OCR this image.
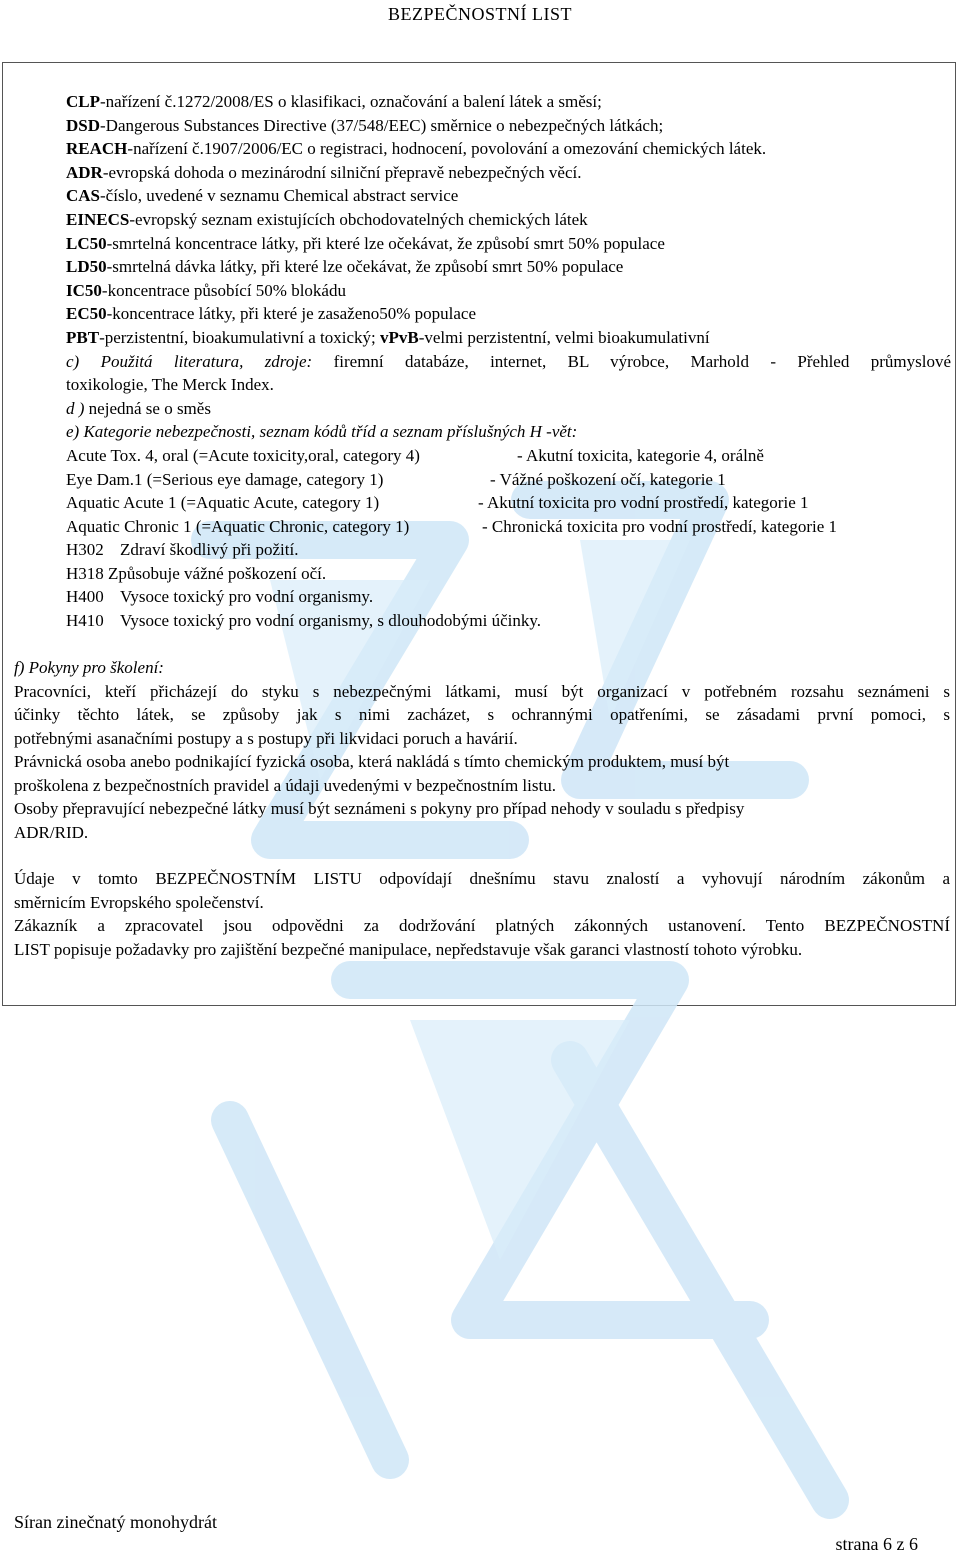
BEZPEČNOSTNÍ LIST
CLP-nařízení č.1272/2008/ES o klasifikaci, označování a balení látek a směsí;
DSD-Dangerous Substances Directive (37/548/EEC) směrnice o nebezpečných látkách;
REACH-nařízení č.1907/2006/EC o registraci, hodnocení, povolování a omezování chemických látek.
ADR-evropská dohoda o mezinárodní silniční přepravě nebezpečných věcí.
CAS-číslo, uvedené v seznamu Chemical abstract service
EINECS-evropský seznam existujících obchodovatelných chemických látek
LC50-smrtelná koncentrace látky, při které lze očekávat, že způsobí smrt 50% populace
LD50-smrtelná dávka látky, při které lze očekávat, že způsobí smrt 50% populace
IC50-koncentrace působící 50% blokádu
EC50-koncentrace látky, při které je zasaženo50% populace
PBT-perzistentní, bioakumulativní a toxický; vPvB-velmi perzistentní, velmi bioakumulativní
c) Použitá literatura, zdroje: firemní databáze, internet, BL výrobce, Marhold - Přehled průmyslové
toxikologie, The Merck Index.
d ) nejedná se o směs
e) Kategorie nebezpečnosti, seznam kódů tříd a seznam příslušných H -vět:
Acute Tox. 4, oral (=Acute toxicity,oral, category 4)	- Akutní toxicita, kategorie 4, orálně
Eye Dam.1 (=Serious eye damage, category 1)	- Vážné poškození očí, kategorie 1
Aquatic Acute 1 (=Aquatic Acute, category 1)	- Akutní toxicita pro vodní prostředí, kategorie 1
Aquatic Chronic 1 (=Aquatic Chronic, category 1)	- Chronická toxicita pro vodní prostředí, kategorie 1
H302 Zdraví škodlivý při požití.
H318 Způsobuje vážné poškození očí.
H400 Vysoce toxický pro vodní organismy.
H410 Vysoce toxický pro vodní organismy, s dlouhodobými účinky.
f) Pokyny pro školení:
Pracovníci, kteří přicházejí do styku s nebezpečnými látkami, musí být organizací v potřebném rozsahu seznámeni s
účinky těchto látek, se způsoby jak s nimi zacházet, s ochrannými opatřeními, se zásadami první pomoci, s
potřebnými asanačními postupy a s postupy při likvidaci poruch a havárií.
Právnická osoba anebo podnikající fyzická osoba, která nakládá s tímto chemickým produktem, musí být
proškolena z bezpečnostních pravidel a údaji uvedenými v bezpečnostním listu.
Osoby přepravující nebezpečné látky musí být seznámeni s pokyny pro případ nehody v souladu s předpisy
ADR/RID.
Údaje v tomto BEZPEČNOSTNÍM LISTU odpovídají dnešnímu stavu znalostí a vyhovují národním zákonům a
směrnicím Evropského společenství.
Zákazník a zpracovatel jsou odpovědni za dodržování platných zákonných ustanovení. Tento BEZPEČNOSTNÍ
LIST popisuje požadavky pro zajištění bezpečné manipulace, nepředstavuje však garanci vlastností tohoto výrobku.
Síran zinečnatý monohydrát
strana 6 z 6
